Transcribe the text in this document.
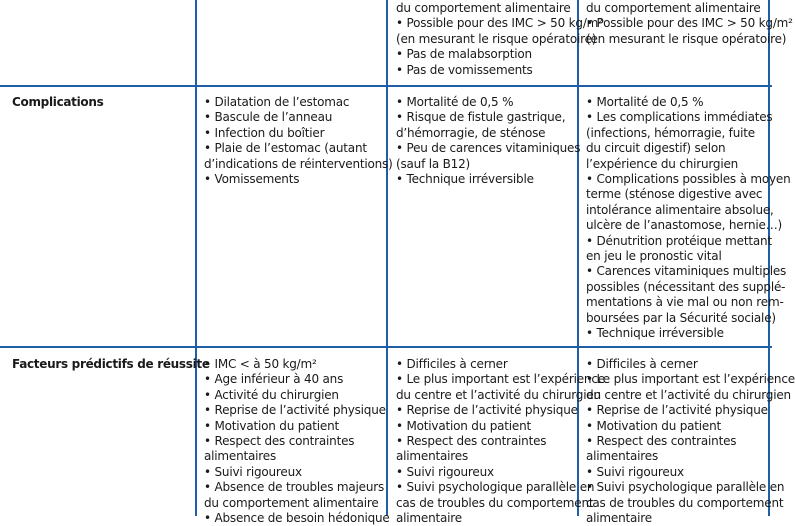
du comportement alimentaire
• Possible pour des IMC > 50 kg/m²
(en mesurant le risque opératoire)
• Pas de malabsorption
• Pas de vomissements
du comportement alimentaire
• Possible pour des IMC > 50 kg/m²
(en mesurant le risque opératoire)
Complications	• Dilatation de l’estomac
• Bascule de l’anneau
• Infection du boîtier
• Plaie de l’estomac (autant
d’indications de réinterventions)
• Vomissements
• Mortalité de 0,5 %
• Risque de fistule gastrique,
d’hémorragie, de sténose
• Peu de carences vitaminiques
(sauf la B12)
• Technique irréversible
• Mortalité de 0,5 %
• Les complications immédiates
(infections, hémorragie, fuite
du circuit digestif) selon
l’expérience du chirurgien
• Complications possibles à moyen
terme (sténose digestive avec
intolérance alimentaire absolue,
ulcère de l’anastomose, hernie…)
• Dénutrition protéique mettant
en jeu le pronostic vital
• Carences vitaminiques multiples
possibles (nécessitant des supplé-
mentations à vie mal ou non rem-
boursées par la Sécurité sociale)
• Technique irréversible
Facteurs prédictifs de réussite
• IMC < à 50 kg/m²
• Age inférieur à 40 ans
• Activité du chirurgien
• Reprise de l’activité physique
• Motivation du patient
• Respect des contraintes
alimentaires
• Suivi rigoureux
• Absence de troubles majeurs
du comportement alimentaire
• Absence de besoin hédonique
• Difficiles à cerner
• Le plus important est l’expérience
du centre et l’activité du chirurgien
• Reprise de l’activité physique
• Motivation du patient
• Respect des contraintes
alimentaires
• Suivi rigoureux
• Suivi psychologique parallèle en
cas de troubles du comportement
alimentaire
• Difficiles à cerner
• Le plus important est l’expérience
du centre et l’activité du chirurgien
• Reprise de l’activité physique
• Motivation du patient
• Respect des contraintes
alimentaires
• Suivi rigoureux
• Suivi psychologique parallèle en
cas de troubles du comportement
alimentaire
